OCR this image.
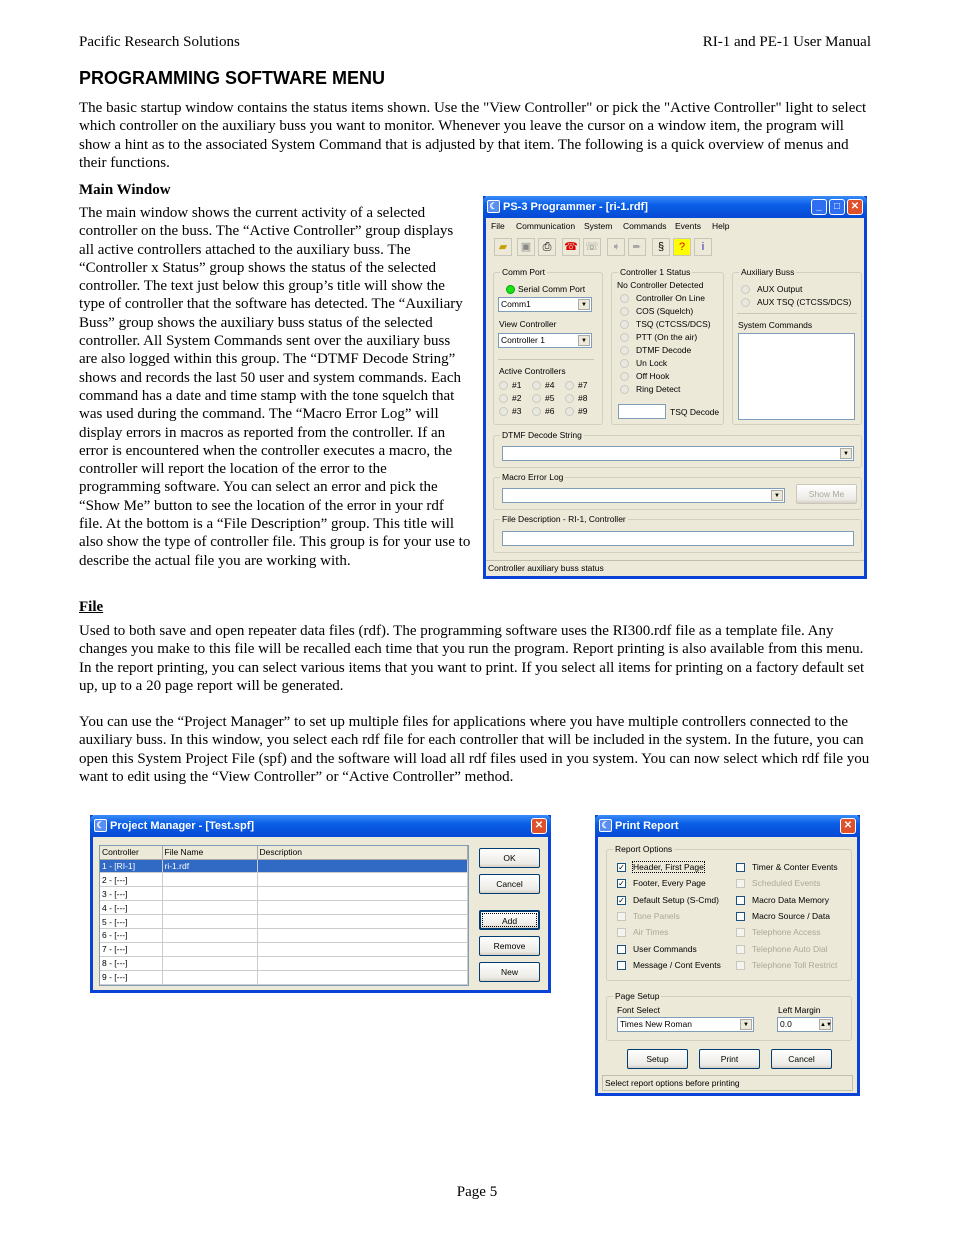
Pacific Research Solutions	RI-1 and PE-1 User Manual
PROGRAMMING SOFTWARE MENU
The basic startup window contains the status items shown. Use the "View Controller" or pick the "Active Controller" light to select which controller on the auxiliary buss you want to monitor. Whenever you leave the cursor on a window item, the program will show a hint as to the associated System Command that is adjusted by that item. The following is a quick overview of menus and their functions.
Main Window
The main window shows the current activity of a selected controller on the buss. The “Active Controller” group displays all active controllers attached to the auxiliary buss. The “Controller x Status” group shows the status of the selected controller. The text just below this group’s title will show the type of controller that the software has detected. The “Auxiliary Buss” group shows the auxiliary buss status of the selected controller. All System Commands sent over the auxiliary buss are also logged within this group. The “DTMF Decode String” shows and records the last 50 user and system commands. Each command has a date and time stamp with the tone squelch that was used during the command. The “Macro Error Log” will display errors in macros as reported from the controller. If an error is encountered when the controller executes a macro, the controller will report the location of the error to the programming software. You can select an error and pick the “Show Me” button to see the location of the error in your rdf file. At the bottom is a “File Description” group. This title will also show the type of controller file. This group is for your use to describe the actual file you are working with.
File
Used to both save and open repeater data files (rdf). The programming software uses the RI300.rdf file as a template file. Any changes you make to this file will be recalled each time that you run the program. Report printing is also available from this menu. In the report printing, you can select various items that you want to print. If you select all items for printing on a factory default set up, up to a 20 page report will be generated.
You can use the “Project Manager” to set up multiple files for applications where you have multiple controllers connected to the auxiliary buss. In this window, you select each rdf file for each controller that will be included in the system. In the future, you can open this System Project File (spf) and the software will load all rdf files used in you system. You can now select which rdf file you want to edit using the “View Controller” or “Active Controller” method.
☾ PS-3 Programmer - [ri-1.rdf]	_	□	✕
File Communication System Commands Events Help
▰	▣	⎙	☎ ☏	➧	➨	§	?	i
Comm Port
Serial Comm Port
Comm1	▼
View Controller
Controller 1	▼
Active Controllers
#1	#4	#7
#2	#5	#8
#3	#6	#9
Controller 1 Status
No Controller Detected
Controller On Line
COS (Squelch)
TSQ (CTCSS/DCS)
PTT (On the air)
DTMF Decode
Un Lock
Off Hook
Ring Detect
TSQ Decode
Auxiliary Buss
AUX Output
AUX TSQ (CTCSS/DCS)
System Commands
DTMF Decode String
▼
Macro Error Log
▼	Show Me
File Description - RI-1, Controller
Controller auxiliary buss status
☾ Project Manager - [Test.spf]	✕
Controller	File Name	Description
1 - [RI-1]	ri-1.rdf	
2 - [---]		
3 - [---]		
4 - [---]		
5 - [---]		
6 - [---]		
7 - [---]		
8 - [---]		
9 - [---]		
OK
Cancel
Add
Remove
New
☾ Print Report	✕
Report Options
✓ Header, First Page
✓ Footer, Every Page
✓ Default Setup (S-Cmd)
Tone Panels
Air Times
User Commands
Message / Cont Events
Timer & Conter Events
Scheduled Events
Macro Data Memory
Macro Source / Data
Telephone Access
Telephone Auto Dial
Telephone Toll Restrict
Page Setup
Font Select
Times New Roman	▼
Left Margin
0.0	▲▼
Setup	Print	Cancel
Select report options before printing
Page 5
